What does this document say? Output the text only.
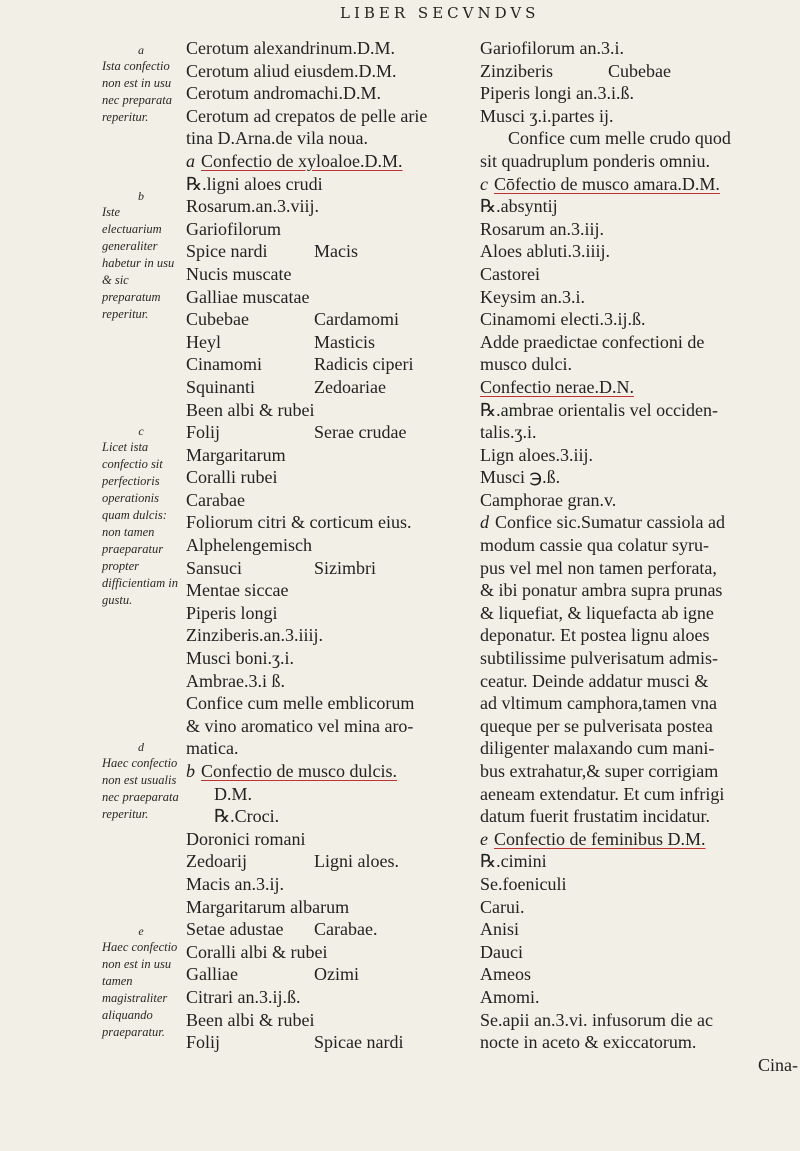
LIBER SECVNDVS
a
Ista confectio non est in usu nec preparata reperitur.
b
Iste electuarium generaliter habetur in usu & sic preparatum reperitur.
c
Licet ista confectio sit perfectioris operationis quam dulcis: non tamen praeparatur propter difficientiam in gustu.
d
Haec confectio non est usualis nec praeparata reperitur.
e
Haec confectio non est in usu tamen magistraliter aliquando praeparatur.
Cerotum alexandrinum.D.M.
Cerotum aliud eiusdem.D.M.
Cerotum andromachi.D.M.
Cerotum ad crepatos de pelle arie
tina D.Arna.de vila noua.
a Confectio de xyloaloe.D.M.
℞.ligni aloes crudi
Rosarum.an.3.viij.
Gariofilorum
Spice nardi	Macis
Nucis muscate
Galliae muscatae
Cubebae	Cardamomi
Heyl	Masticis
Cinamomi	Radicis ciperi
Squinanti	Zedoariae
Been albi & rubei
Folij	Serae crudae
Margaritarum
Coralli rubei
Carabae
Foliorum citri & corticum eius.
Alphelengemisch
Sansuci	Sizimbri
Mentae siccae
Piperis longi
Zinziberis.an.3.iiij.
Musci boni.ʒ.i.
Ambrae.3.i ß.
Confice cum melle emblicorum
& vino aromatico vel mina aro-
matica.
b Confectio de musco dulcis.
D.M.
℞.Croci.
Doronici romani
Zedoarij	Ligni aloes.
Macis an.3.ij.
Margaritarum albarum
Setae adustae	Carabae.
Coralli albi & rubei
Galliae	Ozimi
Citrari an.3.ij.ß.
Been albi & rubei
Folij	Spicae nardi
Gariofilorum an.3.i.
Zinziberis	Cubebae
Piperis longi an.3.i.ß.
Musci ʒ.i.partes ij.
Confice cum melle crudo quod
sit quadruplum ponderis omniu.
c Cōfectio de musco amara.D.M.
℞.absyntij
Rosarum an.3.iij.
Aloes abluti.3.iiij.
Castorei
Keysim an.3.i.
Cinamomi electi.3.ij.ß.
Adde praedictae confectioni de
musco dulci.
Confectio nerae.D.N.
℞.ambrae orientalis vel occiden-
talis.ʒ.i.
Lign aloes.3.iij.
Musci ℈.ß.
Camphorae gran.v.
d Confice sic.Sumatur cassiola ad
modum cassie qua colatur syru-
pus vel mel non tamen perforata,
& ibi ponatur ambra supra prunas
& liquefiat, & liquefacta ab igne
deponatur. Et postea lignu aloes
subtilissime pulverisatum admis-
ceatur. Deinde addatur musci &
ad vltimum camphora,tamen vna
queque per se pulverisata postea
diligenter malaxando cum mani-
bus extrahatur,& super corrigiam
aeneam extendatur. Et cum infrigi
datum fuerit frustatim incidatur.
e Confectio de feminibus D.M.
℞.cimini
Se.foeniculi
Carui.
Anisi
Dauci
Ameos
Amomi.
Se.apii an.3.vi. infusorum die ac
nocte in aceto & exiccatorum.
Cina-
